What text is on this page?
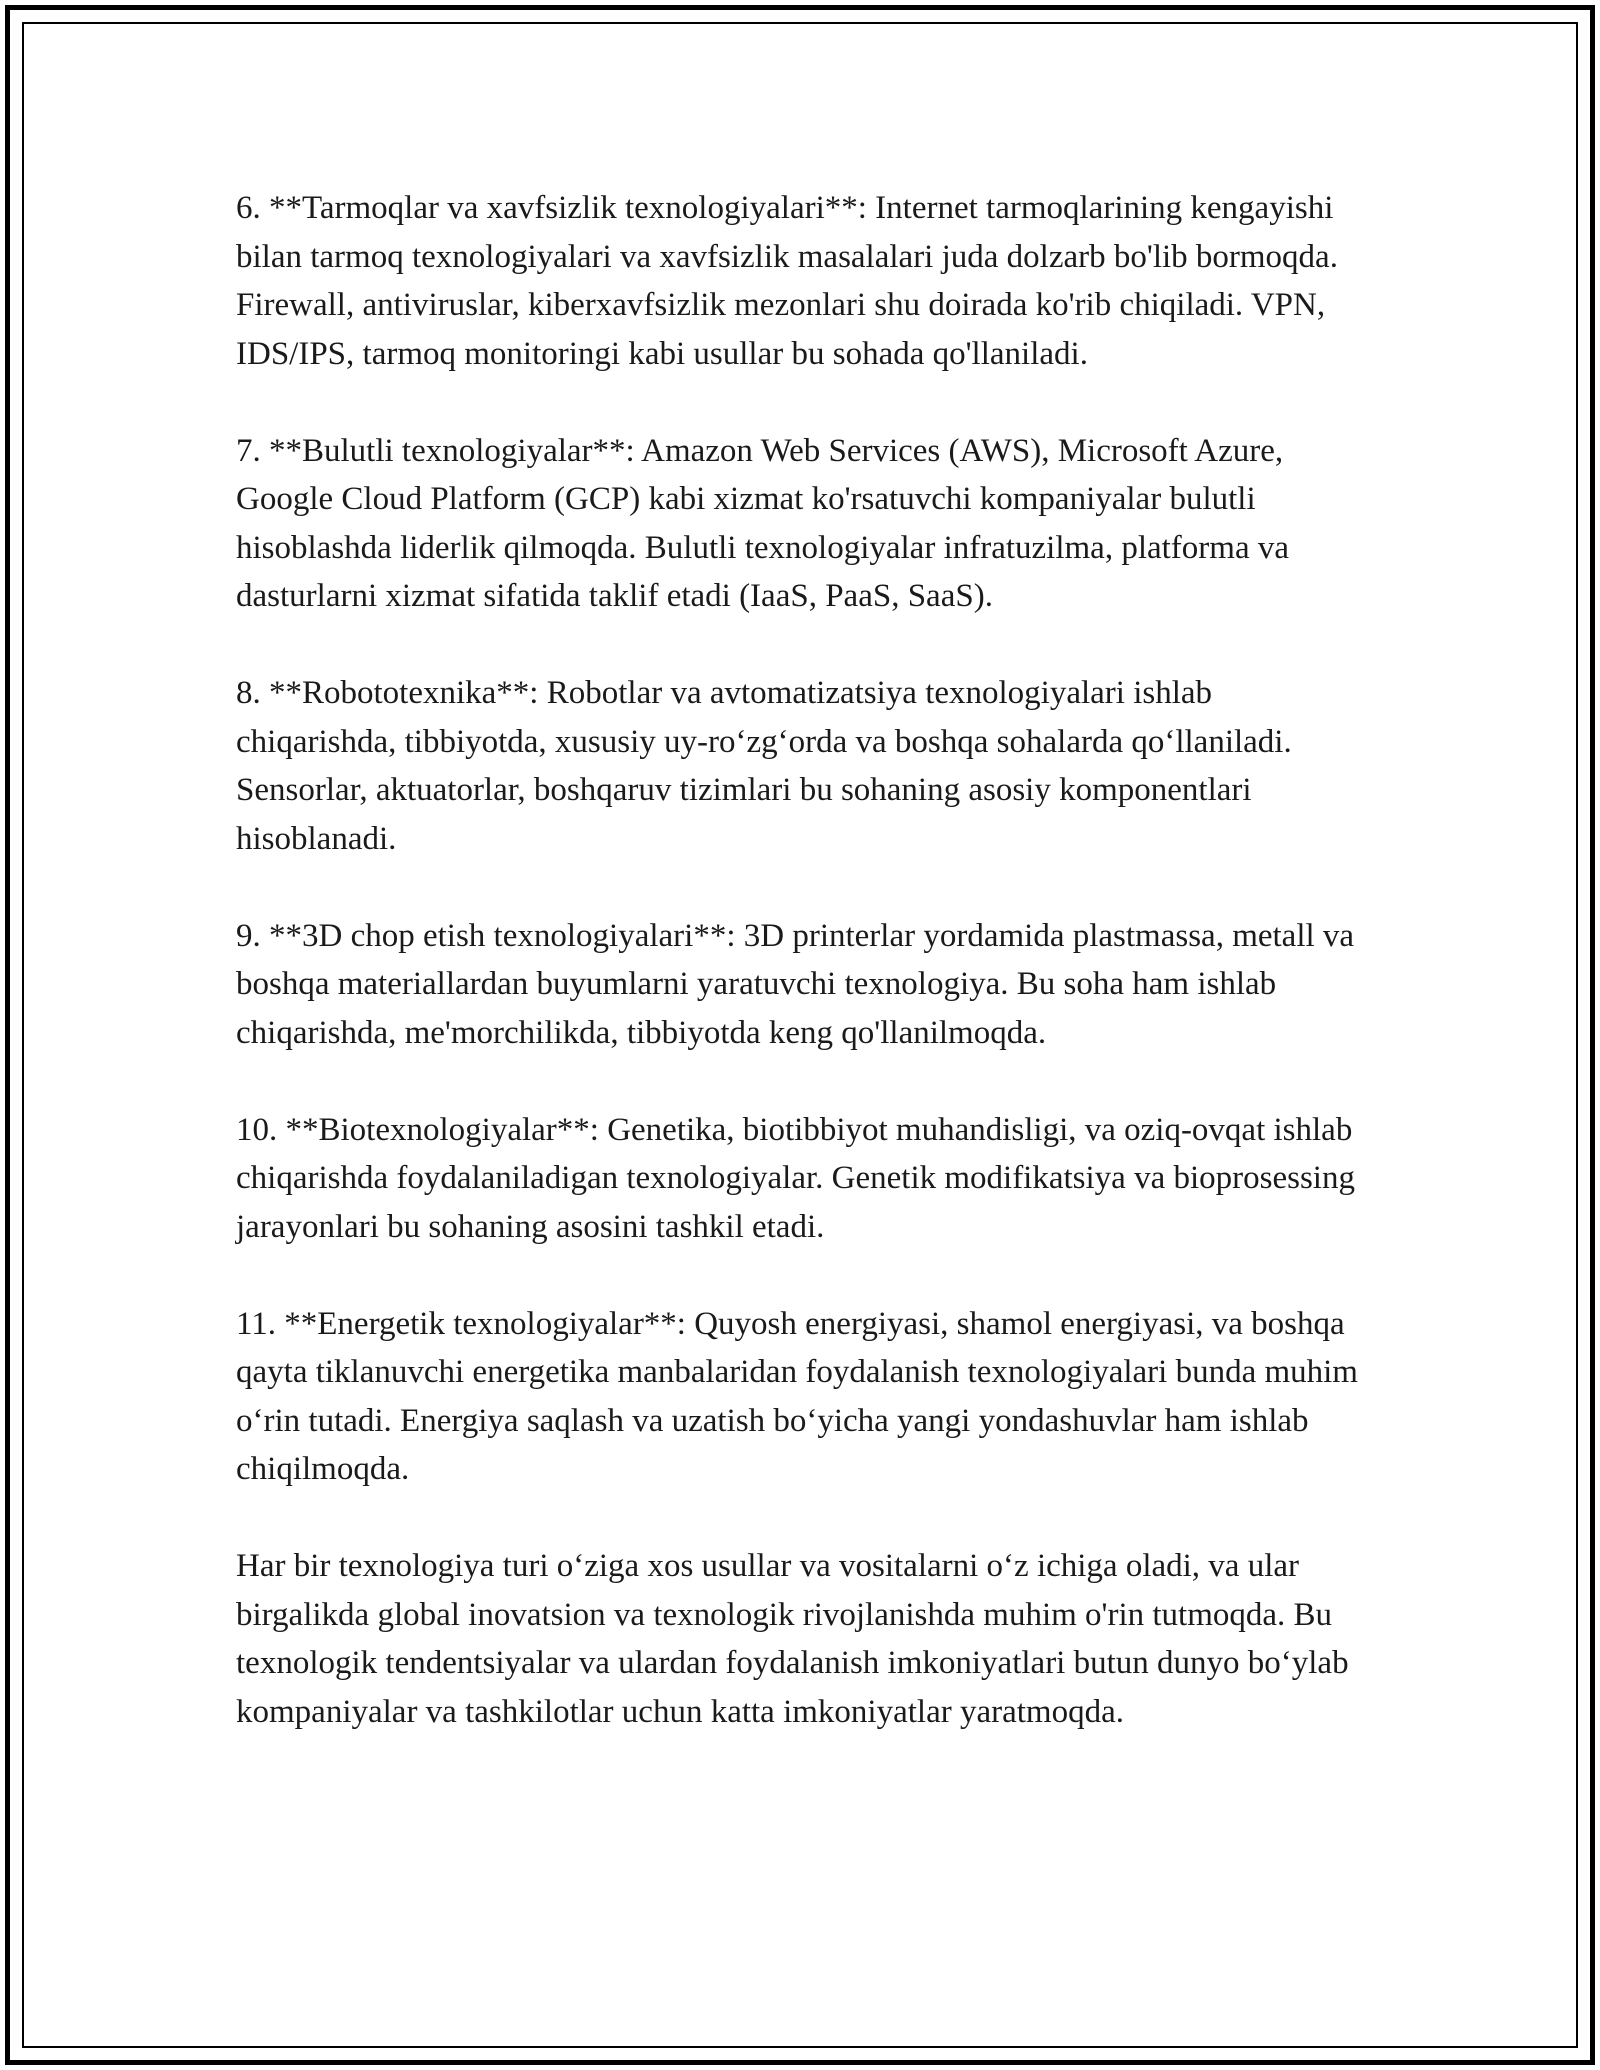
6. **Tarmoqlar va xavfsizlik texnologiyalari**: Internet tarmoqlarining kengayishi bilan tarmoq texnologiyalari va xavfsizlik masalalari juda dolzarb bo'lib bormoqda. Firewall, antiviruslar, kiberxavfsizlik mezonlari shu doirada ko'rib chiqiladi. VPN, IDS/IPS, tarmoq monitoringi kabi usullar bu sohada qo'llaniladi.

7. **Bulutli texnologiyalar**: Amazon Web Services (AWS), Microsoft Azure, Google Cloud Platform (GCP) kabi xizmat ko'rsatuvchi kompaniyalar bulutli hisoblashda liderlik qilmoqda. Bulutli texnologiyalar infratuzilma, platforma va dasturlarni xizmat sifatida taklif etadi (IaaS, PaaS, SaaS).

8. **Robototexnika**: Robotlar va avtomatizatsiya texnologiyalari ishlab chiqarishda, tibbiyotda, xususiy uy-ro‘zg‘orda va boshqa sohalarda qo‘llaniladi. Sensorlar, aktuatorlar, boshqaruv tizimlari bu sohaning asosiy komponentlari hisoblanadi.

9. **3D chop etish texnologiyalari**: 3D printerlar yordamida plastmassa, metall va boshqa materiallardan buyumlarni yaratuvchi texnologiya. Bu soha ham ishlab chiqarishda, me'morchilikda, tibbiyotda keng qo'llanilmoqda.

10. **Biotexnologiyalar**: Genetika, biotibbiyot muhandisligi, va oziq-ovqat ishlab chiqarishda foydalaniladigan texnologiyalar. Genetik modifikatsiya va bioprosessing jarayonlari bu sohaning asosini tashkil etadi.

11. **Energetik texnologiyalar**: Quyosh energiyasi, shamol energiyasi, va boshqa qayta tiklanuvchi energetika manbalaridan foydalanish texnologiyalari bunda muhim o‘rin tutadi. Energiya saqlash va uzatish bo‘yicha yangi yondashuvlar ham ishlab chiqilmoqda.

Har bir texnologiya turi o‘ziga xos usullar va vositalarni o‘z ichiga oladi, va ular birgalikda global inovatsion va texnologik rivojlanishda muhim o'rin tutmoqda. Bu texnologik tendentsiyalar va ulardan foydalanish imkoniyatlari butun dunyo bo‘ylab kompaniyalar va tashkilotlar uchun katta imkoniyatlar yaratmoqda.
